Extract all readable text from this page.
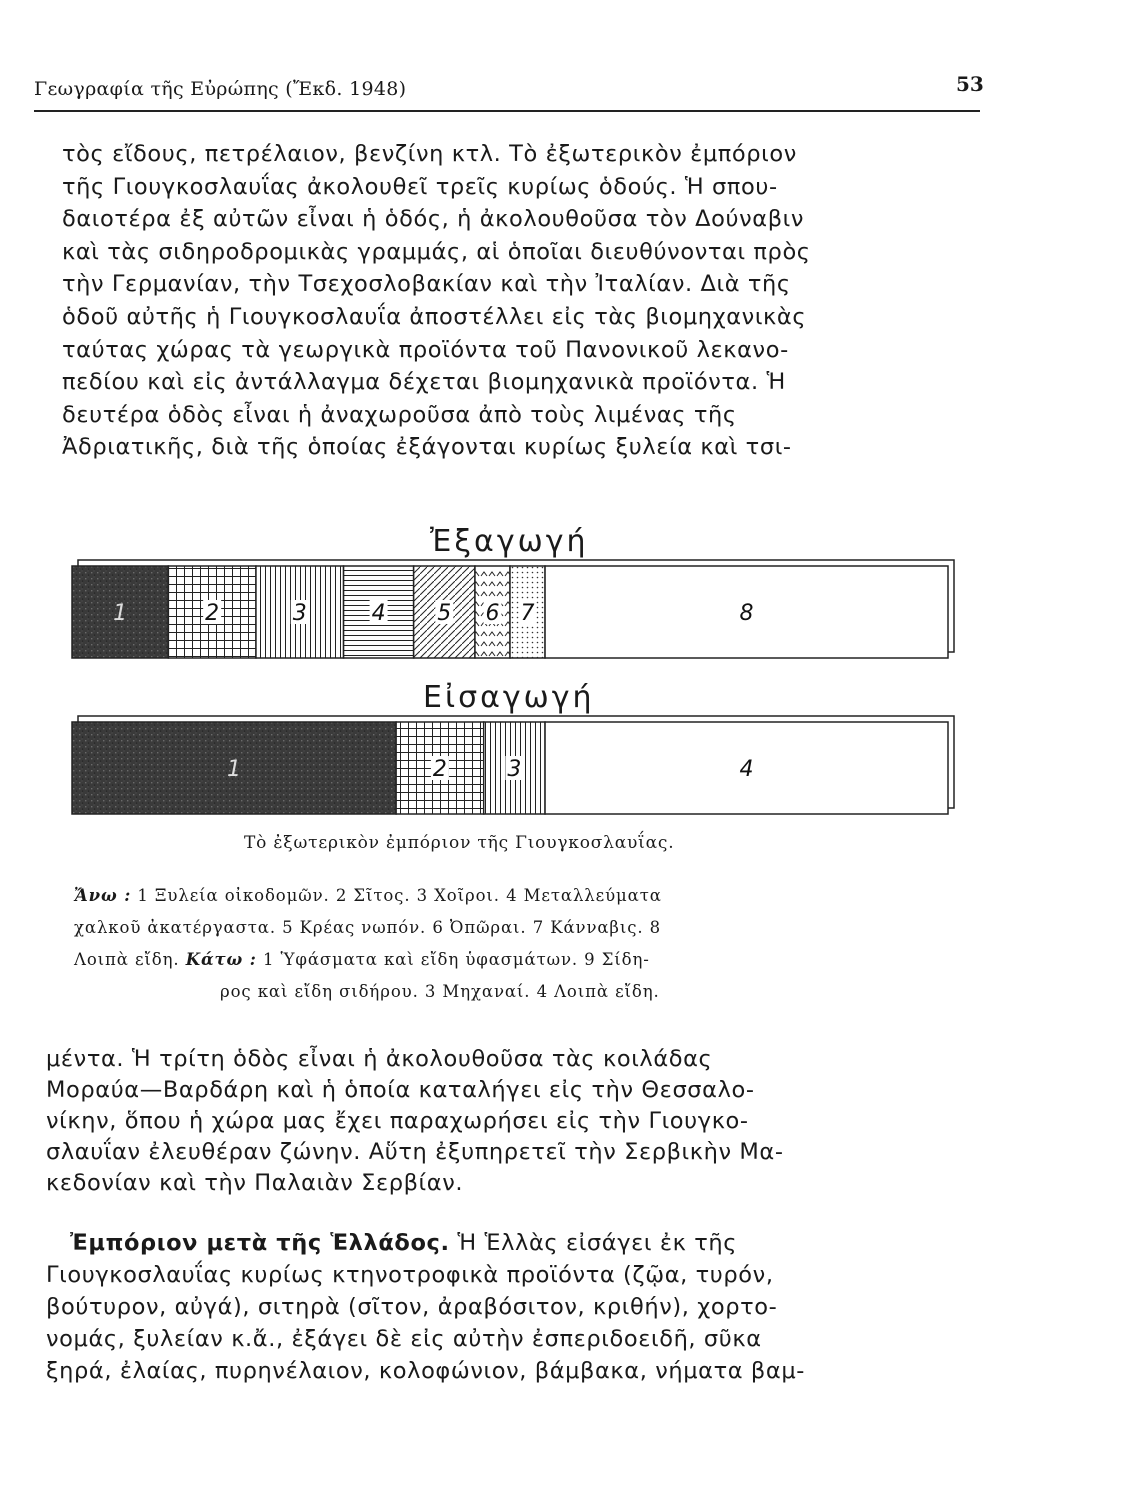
Γεωγραφία τῆς Εὐρώπης (Ἔκδ. 1948)	53
τὸς εἴδους, πετρέλαιον, βενζίνη κτλ. Τὸ ἐξωτερικὸν ἐμπόριον
τῆς Γιουγκοσλαυΐας ἀκολουθεῖ τρεῖς κυρίως ὁδούς. Ἡ σπου-
δαιοτέρα ἐξ αὐτῶν εἶναι ἡ ὁδός, ἡ ἀκολουθοῦσα τὸν Δούναβιν
καὶ τὰς σιδηροδρομικὰς γραμμάς, αἱ ὁποῖαι διευθύνονται πρὸς
τὴν Γερμανίαν, τὴν Τσεχοσλοβακίαν καὶ τὴν Ἰταλίαν. Διὰ τῆς
ὁδοῦ αὐτῆς ἡ Γιουγκοσλαυΐα ἀποστέλλει εἰς τὰς βιομηχανικὰς
ταύτας χώρας τὰ γεωργικὰ προϊόντα τοῦ Πανονικοῦ λεκανο-
πεδίου καὶ εἰς ἀντάλλαγμα δέχεται βιομηχανικὰ προϊόντα. Ἡ
δευτέρα ὁδὸς εἶναι ἡ ἀναχωροῦσα ἀπὸ τοὺς λιμένας τῆς
Ἀδριατικῆς, διὰ τῆς ὁποίας ἐξάγονται κυρίως ξυλεία καὶ τσι-
Ἐξαγωγή
Εἰσαγωγή
1	2	3	4 5 6 7	8
1	2	3	4
Τὸ ἐξωτερικὸν ἐμπόριον τῆς Γιουγκοσλαυΐας.
Ἄνω : 1 Ξυλεία οἰκοδομῶν. 2 Σῖτος. 3 Χοῖροι. 4 Μεταλλεύματα
χαλκοῦ ἀκατέργαστα. 5 Κρέας νωπόν. 6 Ὀπῶραι. 7 Κάνναβις. 8
Λοιπὰ εἴδη. Κάτω : 1 Ὑφάσματα καὶ εἴδη ὑφασμάτων. 9 Σίδη-
ρος καὶ εἴδη σιδήρου. 3 Μηχαναί. 4 Λοιπὰ εἴδη.
μέντα. Ἡ τρίτη ὁδὸς εἶναι ἡ ἀκολουθοῦσα τὰς κοιλάδας
Μοραύα—Βαρδάρη καὶ ἡ ὁποία καταλήγει εἰς τὴν Θεσσαλο-
νίκην, ὅπου ἡ χώρα μας ἔχει παραχωρήσει εἰς τὴν Γιουγκο-
σλαυΐαν ἐλευθέραν ζώνην. Αὕτη ἐξυπηρετεῖ τὴν Σερβικὴν Μα-
κεδονίαν καὶ τὴν Παλαιὰν Σερβίαν.
Ἐμπόριον μετὰ τῆς Ἑλλάδος. Ἡ Ἑλλὰς εἰσάγει ἐκ τῆς
Γιουγκοσλαυΐας κυρίως κτηνοτροφικὰ προϊόντα (ζῷα, τυρόν,
βούτυρον, αὐγά), σιτηρὰ (σῖτον, ἀραβόσιτον, κριθήν), χορτο-
νομάς, ξυλείαν κ.ἄ., ἐξάγει δὲ εἰς αὐτὴν ἐσπεριδοειδῆ, σῦκα
ξηρά, ἐλαίας, πυρηνέλαιον, κολοφώνιον, βάμβακα, νήματα βαμ-
